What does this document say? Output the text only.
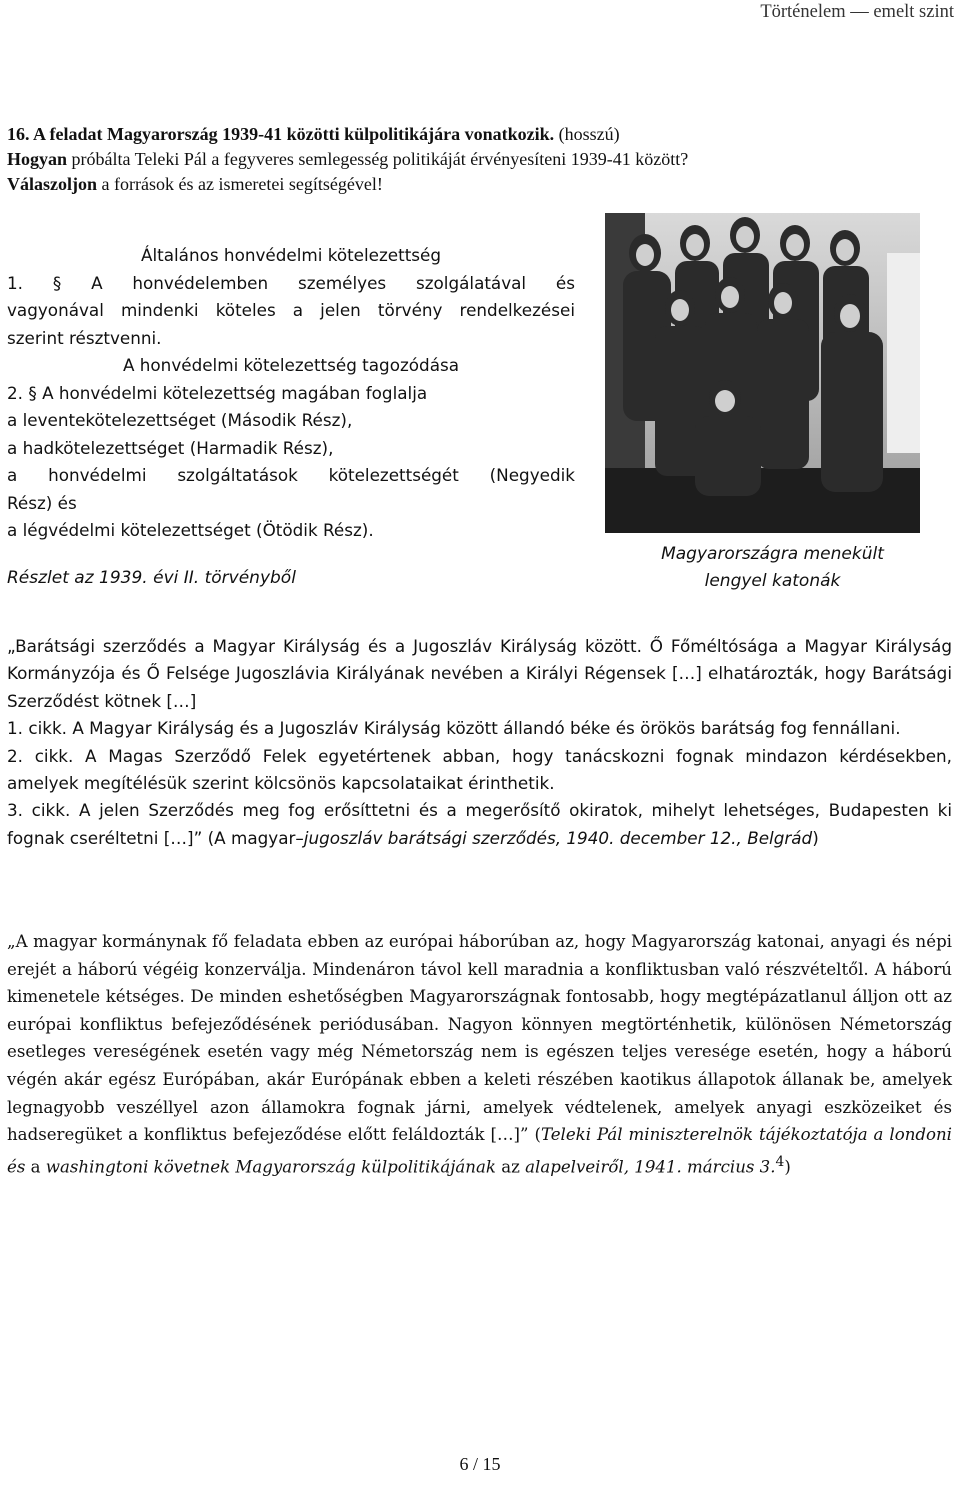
Történelem — emelt szint
16. A feladat Magyarország 1939-41 közötti külpolitikájára vonatkozik. (hosszú)
Hogyan próbálta Teleki Pál a fegyveres semlegesség politikáját érvényesíteni 1939-41 között?
Válaszoljon a források és az ismeretei segítségével!

Általános honvédelmi kötelezettség

1. § A honvédelemben személyes szolgálatával és

vagyonával mindenki köteles a jelen törvény rendelkezései

szerint résztvenni.

A honvédelmi kötelezettség tagozódása

2. § A honvédelmi kötelezettség magában foglalja

a leventekötelezettséget (Második Rész),

a hadkötelezettséget (Harmadik Rész),

a honvédelmi szolgáltatások kötelezettségét (Negyedik

Rész) és

a légvédelmi kötelezettséget (Ötödik Rész).

Részlet az 1939. évi II. törvényből
Magyarországra menekült
lengyel katonák

„Barátsági szerződés a Magyar Királyság és a Jugoszláv Királyság között. Ő Főméltósága a Magyar Királyság Kormányzója és Ő Felsége Jugoszlávia Királyának nevében a Királyi Régensek […] elhatározták, hogy Barátsági Szerződést kötnek […]

1. cikk. A Magyar Királyság és a Jugoszláv Királyság között állandó béke és örökös barátság fog fennállani.

2. cikk. A Magas Szerződő Felek egyetértenek abban, hogy tanácskozni fognak mindazon kérdésekben, amelyek megítélésük szerint kölcsönös kapcsolataikat érinthetik.

3. cikk. A jelen Szerződés meg fog erősíttetni és a megerősítő okiratok, mihelyt lehetséges, Budapesten ki fognak cseréltetni […]” (A magyar–jugoszláv barátsági szerződés, 1940. december 12., Belgrád)

„A magyar kormánynak fő feladata ebben az európai háborúban az, hogy Magyarország katonai, anyagi és népi erejét a háború végéig konzerválja. Mindenáron távol kell maradnia a konfliktusban való részvételtől. A háború kimenetele kétséges. De minden eshetőségben Magyarországnak fontosabb, hogy megtépázatlanul álljon ott az európai konfliktus befejeződésének periódusában. Nagyon könnyen megtörténhetik, különösen Németország esetleges vereségének esetén vagy még Németország nem is egészen teljes veresége esetén, hogy a háború végén akár egész Európában, akár Európának ebben a keleti részében kaotikus állapotok állanak be, amelyek legnagyobb veszéllyel azon államokra fognak járni, amelyek védtelenek, amelyek anyagi eszközeiket és hadseregüket a konfliktus befejeződése előtt feláldozták […]” (Teleki Pál miniszterelnök tájékoztatója a londoni és a washingtoni követnek Magyarország külpolitikájának az alapelveiről, 1941. március 3.$^4$)

6 / 15
